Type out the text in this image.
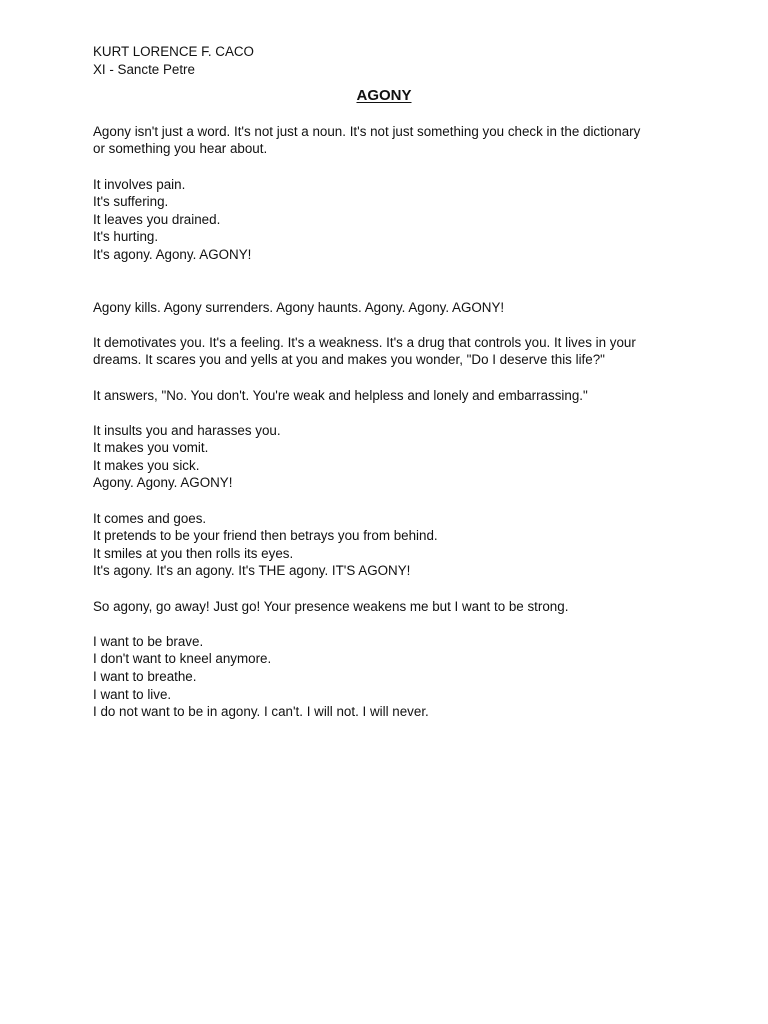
KURT LORENCE F. CACO
XI - Sancte Petre
AGONY
Agony isn't just a word. It's not just a noun. It's not just something you check in the dictionary
or something you hear about.
It involves pain.
It's suffering.
It leaves you drained.
It's hurting.
It's agony. Agony. AGONY!
Agony kills. Agony surrenders. Agony haunts. Agony. Agony. AGONY!
It demotivates you. It's a feeling. It's a weakness. It's a drug that controls you. It lives in your
dreams. It scares you and yells at you and makes you wonder, "Do I deserve this life?"
It answers, "No. You don't. You're weak and helpless and lonely and embarrassing."
It insults you and harasses you.
It makes you vomit.
It makes you sick.
Agony. Agony. AGONY!
It comes and goes.
It pretends to be your friend then betrays you from behind.
It smiles at you then rolls its eyes.
It's agony. It's an agony. It's THE agony. IT'S AGONY!
So agony, go away! Just go! Your presence weakens me but I want to be strong.
I want to be brave.
I don't want to kneel anymore.
I want to breathe.
I want to live.
I do not want to be in agony. I can't. I will not. I will never.
